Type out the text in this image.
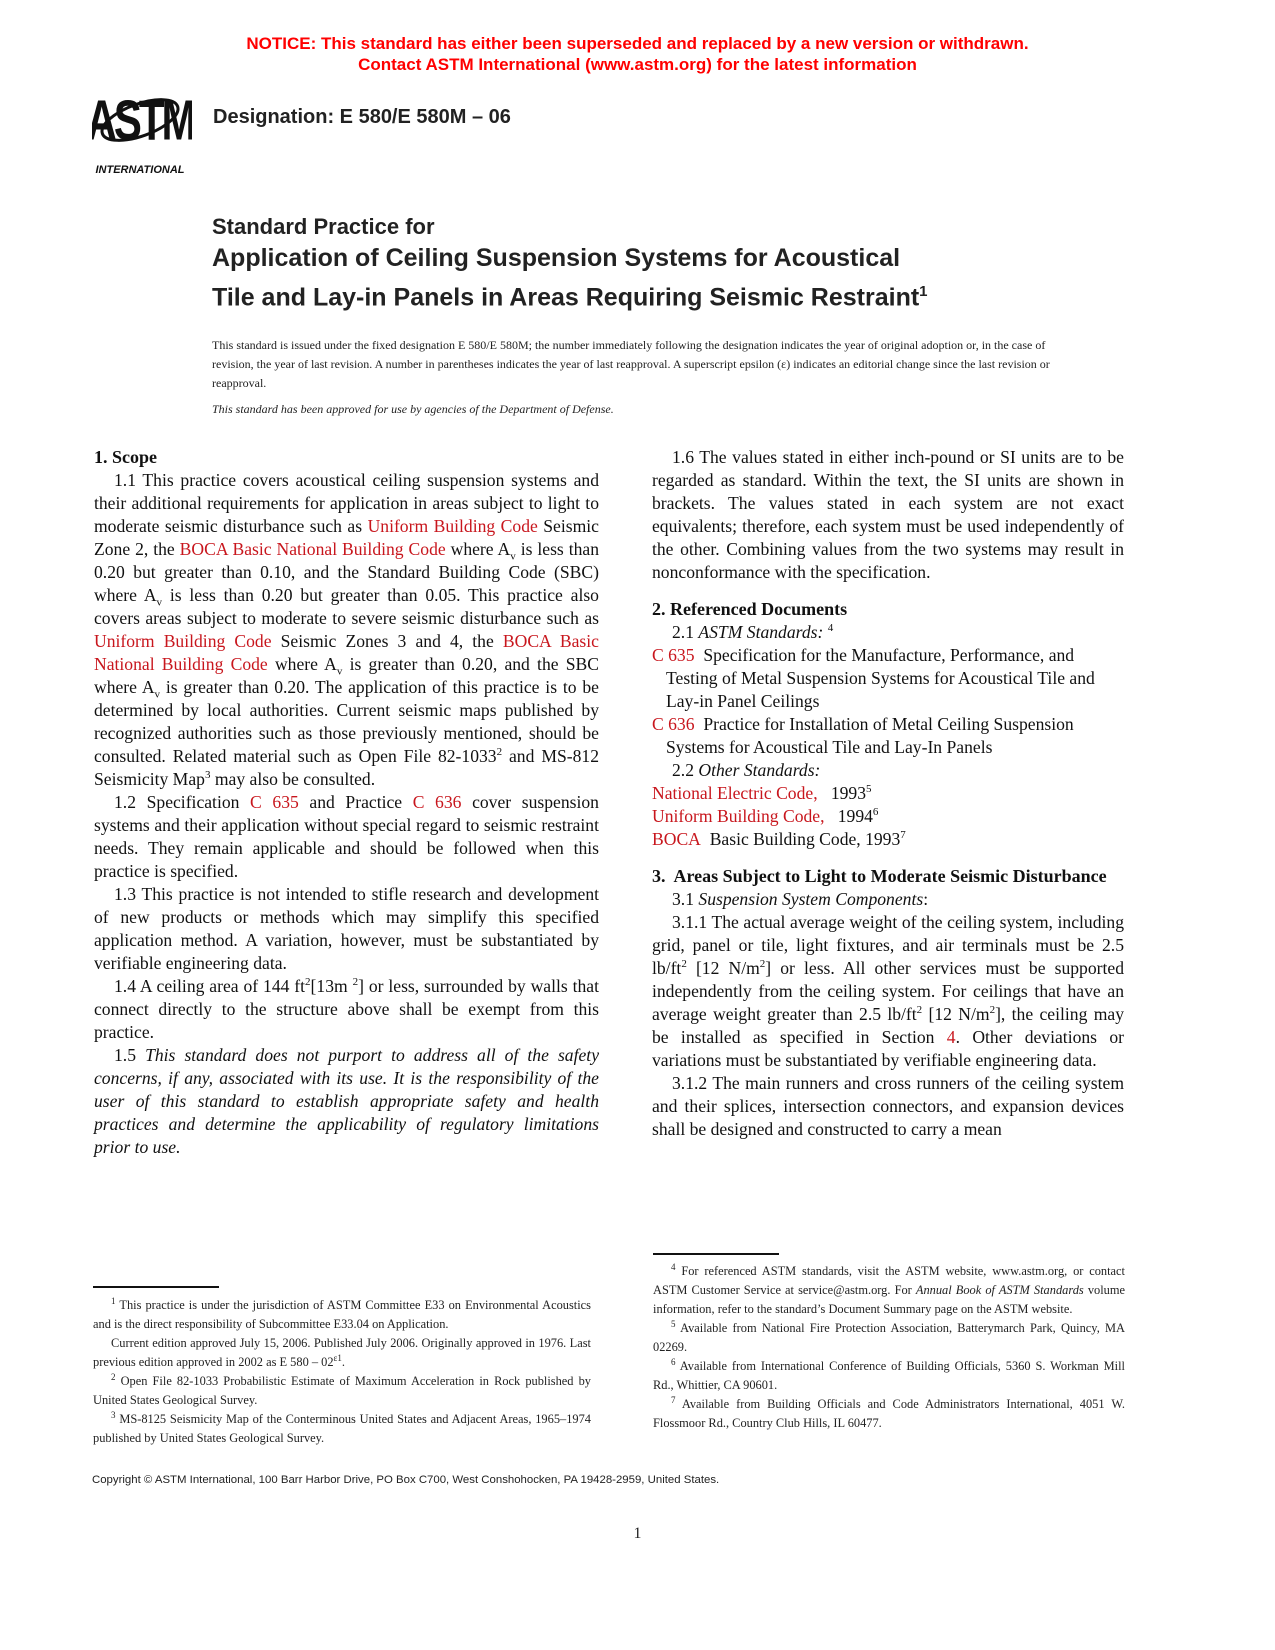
NOTICE: This standard has either been superseded and replaced by a new version or withdrawn.
Contact ASTM International (www.astm.org) for the latest information
ASTM
INTERNATIONAL
Designation: E 580/E 580M – 06
Standard Practice for
Application of Ceiling Suspension Systems for Acoustical
Tile and Lay-in Panels in Areas Requiring Seismic Restraint$^1$
This standard is issued under the fixed designation E 580/E 580M; the number immediately following the designation indicates the year of original adoption or, in the case of revision, the year of last revision. A number in parentheses indicates the year of last reapproval. A superscript epsilon (ε) indicates an editorial change since the last revision or reapproval.
This standard has been approved for use by agencies of the Department of Defense.
1. Scope

1.1 This practice covers acoustical ceiling suspension systems and their additional requirements for application in areas subject to light to moderate seismic disturbance such as Uniform Building Code Seismic Zone 2, the BOCA Basic National Building Code where $A_v$ is less than 0.20 but greater than 0.10, and the Standard Building Code (SBC) where $A_v$ is less than 0.20 but greater than 0.05. This practice also covers areas subject to moderate to severe seismic disturbance such as Uniform Building Code Seismic Zones 3 and 4, the BOCA Basic National Building Code where $A_v$ is greater than 0.20, and the SBC where $A_v$ is greater than 0.20. The application of this practice is to be determined by local authorities. Current seismic maps published by recognized authorities such as those previously mentioned, should be consulted. Related material such as Open File 82-1033$^2$ and MS-812 Seismicity Map$^3$ may also be consulted.

1.2 Specification C 635 and Practice C 636 cover suspension systems and their application without special regard to seismic restraint needs. They remain applicable and should be followed when this practice is specified.

1.3 This practice is not intended to stifle research and development of new products or methods which may simplify this specified application method. A variation, however, must be substantiated by verifiable engineering data.

1.4 A ceiling area of 144 $ft^2[13m$ $^2$] or less, surrounded by walls that connect directly to the structure above shall be exempt from this practice.

1.5 This standard does not purport to address all of the safety concerns, if any, associated with its use. It is the responsibility of the user of this standard to establish appropriate safety and health practices and determine the applicability of regulatory limitations prior to use.

1.6 The values stated in either inch-pound or SI units are to be regarded as standard. Within the text, the SI units are shown in brackets. The values stated in each system are not exact equivalents; therefore, each system must be used independently of the other. Combining values from the two systems may result in nonconformance with the specification.

2. Referenced Documents

2.1 ASTM Standards: $^4$

C 635 Specification for the Manufacture, Performance, and Testing of Metal Suspension Systems for Acoustical Tile and Lay-in Panel Ceilings

C 636 Practice for Installation of Metal Ceiling Suspension Systems for Acoustical Tile and Lay-In Panels

2.2 Other Standards:

National Electric Code, 1993$^5$

Uniform Building Code, 1994$^6$

BOCA Basic Building Code, 1993$^7$

3. Areas Subject to Light to Moderate Seismic Disturbance

3.1 Suspension System Components:

3.1.1 The actual average weight of the ceiling system, including grid, panel or tile, light fixtures, and air terminals must be 2.5 $lb/ft^2$ [12 $N/m^2$] or less. All other services must be supported independently from the ceiling system. For ceilings that have an average weight greater than 2.5 $lb/ft^2$ [12 $N/m^2$], the ceiling may be installed as specified in Section 4. Other deviations or variations must be substantiated by verifiable engineering data.

3.1.2 The main runners and cross runners of the ceiling system and their splices, intersection connectors, and expansion devices shall be designed and constructed to carry a mean

$^1$ This practice is under the jurisdiction of ASTM Committee E33 on Environmental Acoustics and is the direct responsibility of Subcommittee E33.04 on Application.

Current edition approved July 15, 2006. Published July 2006. Originally approved in 1976. Last previous edition approved in 2002 as E $580 - 02^{\varepsilon 1}$.

$^2$ Open File 82-1033 Probabilistic Estimate of Maximum Acceleration in Rock published by United States Geological Survey.

$^3$ MS-8125 Seismicity Map of the Conterminous United States and Adjacent Areas, 1965–1974 published by United States Geological Survey.

$^4$ For referenced ASTM standards, visit the ASTM website, www.astm.org, or contact ASTM Customer Service at service@astm.org. For Annual Book of ASTM Standards volume information, refer to the standard’s Document Summary page on the ASTM website.

$^5$ Available from National Fire Protection Association, Batterymarch Park, Quincy, MA 02269.

$^6$ Available from International Conference of Building Officials, 5360 S. Workman Mill Rd., Whittier, CA 90601.

$^7$ Available from Building Officials and Code Administrators International, 4051 W. Flossmoor Rd., Country Club Hills, IL 60477.

Copyright © ASTM International, 100 Barr Harbor Drive, PO Box C700, West Conshohocken, PA 19428-2959, United States.
1
